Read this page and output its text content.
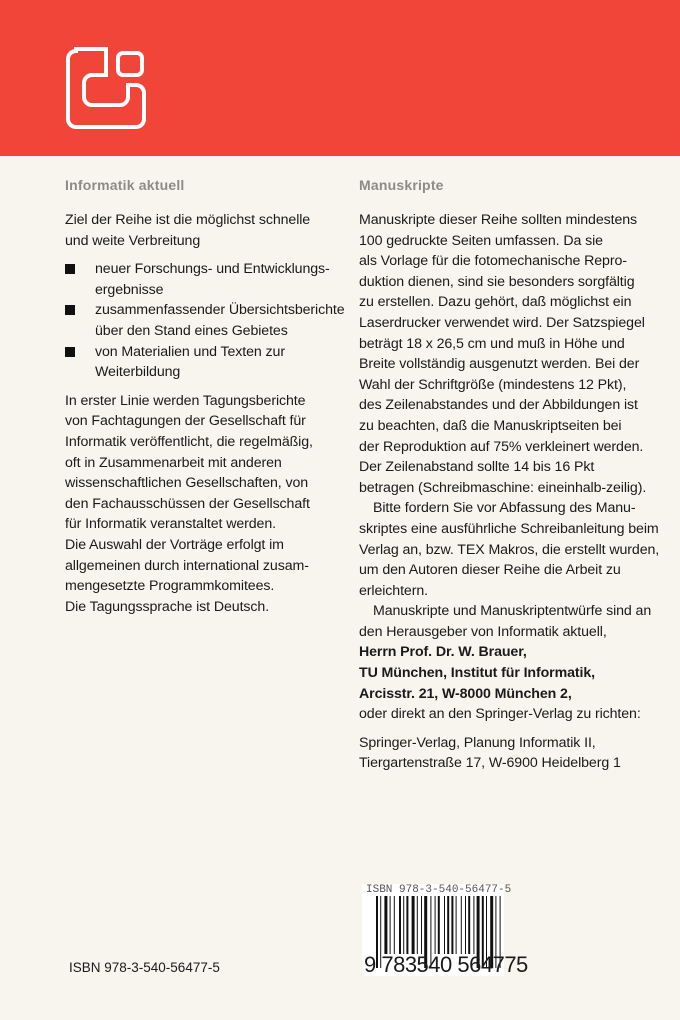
Informatik aktuell	Manuskripte
Ziel der Reihe ist die möglichst schnelle
und weite Verbreitung
neuer Forschungs- und Entwicklungs-
ergebnisse
zusammenfassender Übersichtsberichte
über den Stand eines Gebietes
von Materialien und Texten zur
Weiterbildung
In erster Linie werden Tagungsberichte
von Fachtagungen der Gesellschaft für
Informatik veröffentlicht, die regelmäßig,
oft in Zusammenarbeit mit anderen
wissenschaftlichen Gesellschaften, von
den Fachausschüssen der Gesellschaft
für Informatik veranstaltet werden.
Die Auswahl der Vorträge erfolgt im
allgemeinen durch international zusam-
mengesetzte Programmkomitees.
Die Tagungssprache ist Deutsch.
Manuskripte dieser Reihe sollten mindestens
100 gedruckte Seiten umfassen. Da sie
als Vorlage für die fotomechanische Repro-
duktion dienen, sind sie besonders sorgfältig
zu erstellen. Dazu gehört, daß möglichst ein
Laserdrucker verwendet wird. Der Satzspiegel
beträgt 18 x 26,5 cm und muß in Höhe und
Breite vollständig ausgenutzt werden. Bei der
Wahl der Schriftgröße (mindestens 12 Pkt),
des Zeilenabstandes und der Abbildungen ist
zu beachten, daß die Manuskriptseiten bei
der Reproduktion auf 75% verkleinert werden.
Der Zeilenabstand sollte 14 bis 16 Pkt
betragen (Schreibmaschine: eineinhalb-zeilig).
Bitte fordern Sie vor Abfassung des Manu-
skriptes eine ausführliche Schreibanleitung beim
Verlag an, bzw. TEX Makros, die erstellt wurden,
um den Autoren dieser Reihe die Arbeit zu
erleichtern.
Manuskripte und Manuskriptentwürfe sind an
den Herausgeber von Informatik aktuell,
Herrn Prof. Dr. W. Brauer,
TU München, Institut für Informatik,
Arcisstr. 21, W-8000 München 2,
oder direkt an den Springer-Verlag zu richten:
Springer-Verlag, Planung Informatik II,
Tiergartenstraße 17, W-6900 Heidelberg 1
ISBN 978-3-540-56477-5
ISBN 978-3-540-56477-5
9 783540 564775
